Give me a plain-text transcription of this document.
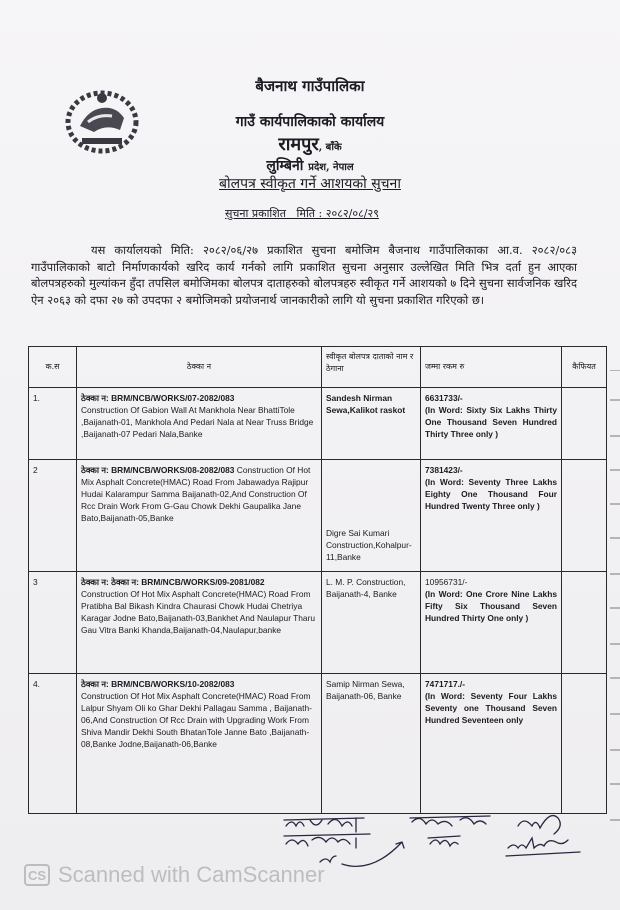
बैजनाथ गाउँपालिका
गाउँ कार्यपालिकाको कार्यालय
रामपुर, बाँके
लुम्बिनी प्रदेश, नेपाल
बोलपत्र स्वीकृत गर्ने आशयको सुचना
सुचना प्रकाशित   मिति : २०८२/०८/२९
यस कार्यालयको मिति: २०८२/०६/२७ प्रकाशित सुचना बमोजिम बैजनाथ गाउँपालिकाका आ.व. २०८२/०८३ गाउँपालिकाको बाटो निर्माणकार्यको खरिद कार्य गर्नको लागि प्रकाशित सुचना अनुसार उल्लेखित मिति भित्र दर्ता हुन आएका बोलपत्रहरुको मुल्यांकन हुँदा तपसिल बमोजिमका बोलपत्र दाताहरुको बोलपत्रहरु स्वीकृत गर्ने आशयको ७ दिने सुचना सार्वजनिक खरिद ऐन २०६३ को दफा २७ को उपदफा २ बमोजिमको प्रयोजनार्थ जानकारीको लागि यो सुचना प्रकाशित गरिएको छ।
क.स	ठेक्का न	स्वीकृत बोलपत्र दाताको नाम र ठेगाना	जम्मा रकम रु	कैफियत
1.	ठेक्का न: BRM/NCB/WORKS/07-2082/083
Construction Of Gabion Wall At Mankhola Near BhattiTole ,Baijanath-01, Mankhola And Pedari Nala at Near Truss Bridge ,Baijanath-07 Pedari Nala,Banke	Sandesh Nirman Sewa,Kalikot raskot	6631733/-
(In Word: Sixty Six Lakhs Thirty One Thousand Seven Hundred Thirty Three only )	
2	ठेक्का न: BRM/NCB/WORKS/08-2082/083 Construction Of Hot Mix Asphalt Concrete(HMAC) Road From Jabawadya Rajipur Hudai Kalarampur Samma Baijanath-02,And Construction Of Rcc Drain Work From G-Gau Chowk Dekhi Gaupalika Jane Bato,Baijanath-05,Banke	Digre Sai Kumari Construction,Kohalpur-11,Banke	7381423/-
(In Word: Seventy Three Lakhs Eighty One Thousand Four Hundred Twenty Three only )	
3	ठेक्का न: ठेक्का न: BRM/NCB/WORKS/09-2081/082
Construction Of Hot Mix Asphalt Concrete(HMAC) Road From Pratibha Bal Bikash Kindra Chaurasi Chowk Hudai Chetriya Karagar Jodne Bato,Baijanath-03,Bankhet And Naulapur Tharu Gau Vitra Banki Khanda,Baijanath-04,Naulapur,banke	L. M. P. Construction, Baijanath-4, Banke	10956731/-
(In Word: One Crore Nine Lakhs Fifty Six Thousand Seven Hundred Thirty One only )	
4.	ठेक्का न: BRM/NCB/WORKS/10-2082/083
Construction Of Hot Mix Asphalt Concrete(HMAC) Road From Lalpur Shyam Oli ko Ghar Dekhi Pallagau Samma , Baijanath-06,And Construction Of Rcc Drain with Upgrading Work From Shiva Mandir Dekhi South BhatanTole Janne Bato ,Baijanath-08,Banke Jodne,Baijanath-06,Banke	Samip Nirman Sewa, Baijanath-06, Banke	7471717./-
(In Word: Seventy Four Lakhs Seventy one Thousand Seven Hundred Seventeen only	
CS Scanned with CamScanner
